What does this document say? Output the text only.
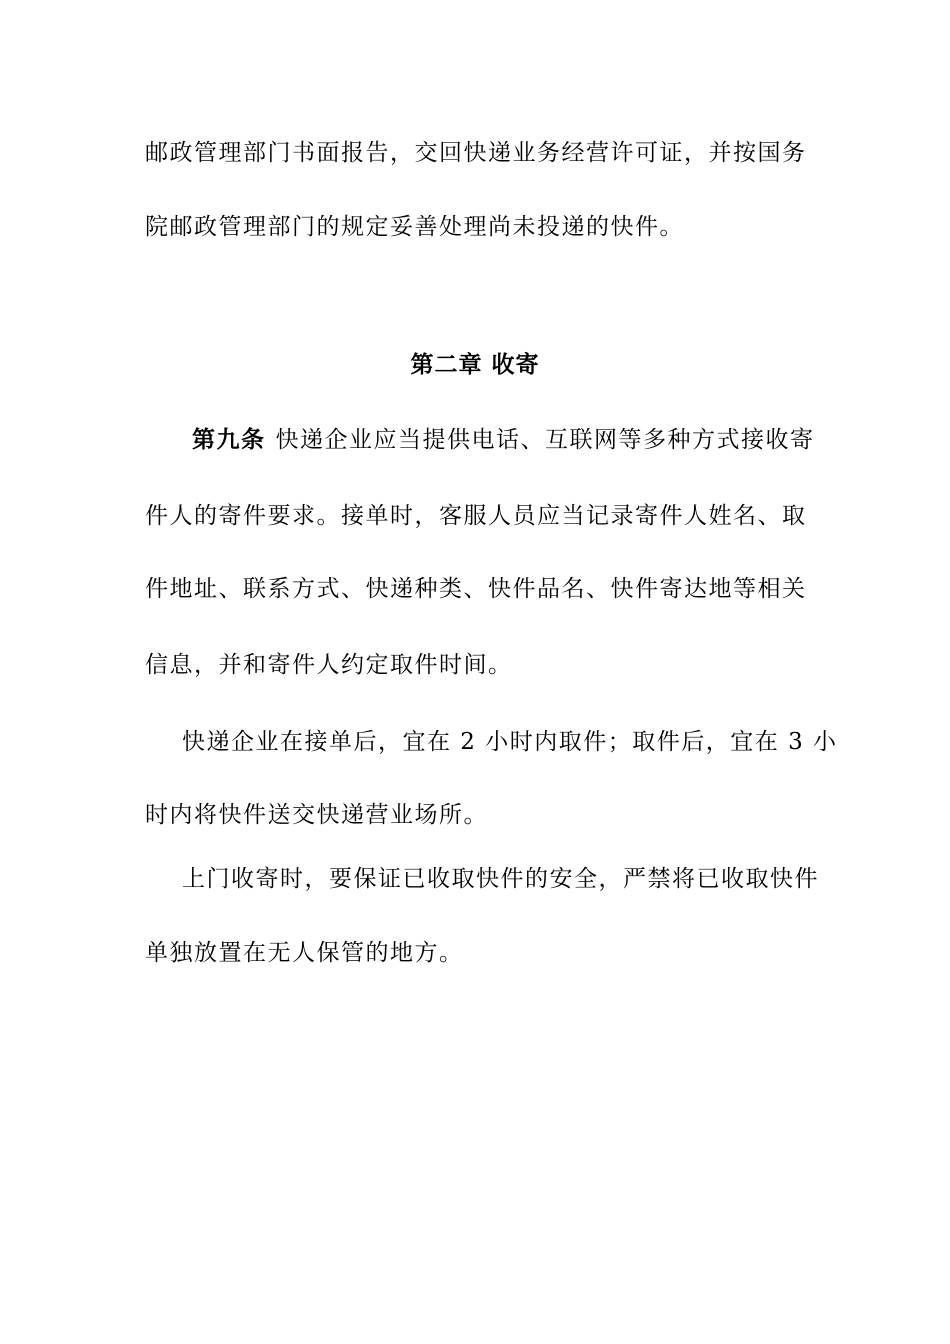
邮政管理部门书面报告，交回快递业务经营许可证，并按国务
院邮政管理部门的规定妥善处理尚未投递的快件。
第二章 收寄
第九条 快递企业应当提供电话、互联网等多种方式接收寄
件人的寄件要求。接单时，客服人员应当记录寄件人姓名、取
件地址、联系方式、快递种类、快件品名、快件寄达地等相关
信息，并和寄件人约定取件时间。
快递企业在接单后，宜在 2 小时内取件；取件后，宜在 3 小
时内将快件送交快递营业场所。
上门收寄时，要保证已收取快件的安全，严禁将已收取快件
单独放置在无人保管的地方。
